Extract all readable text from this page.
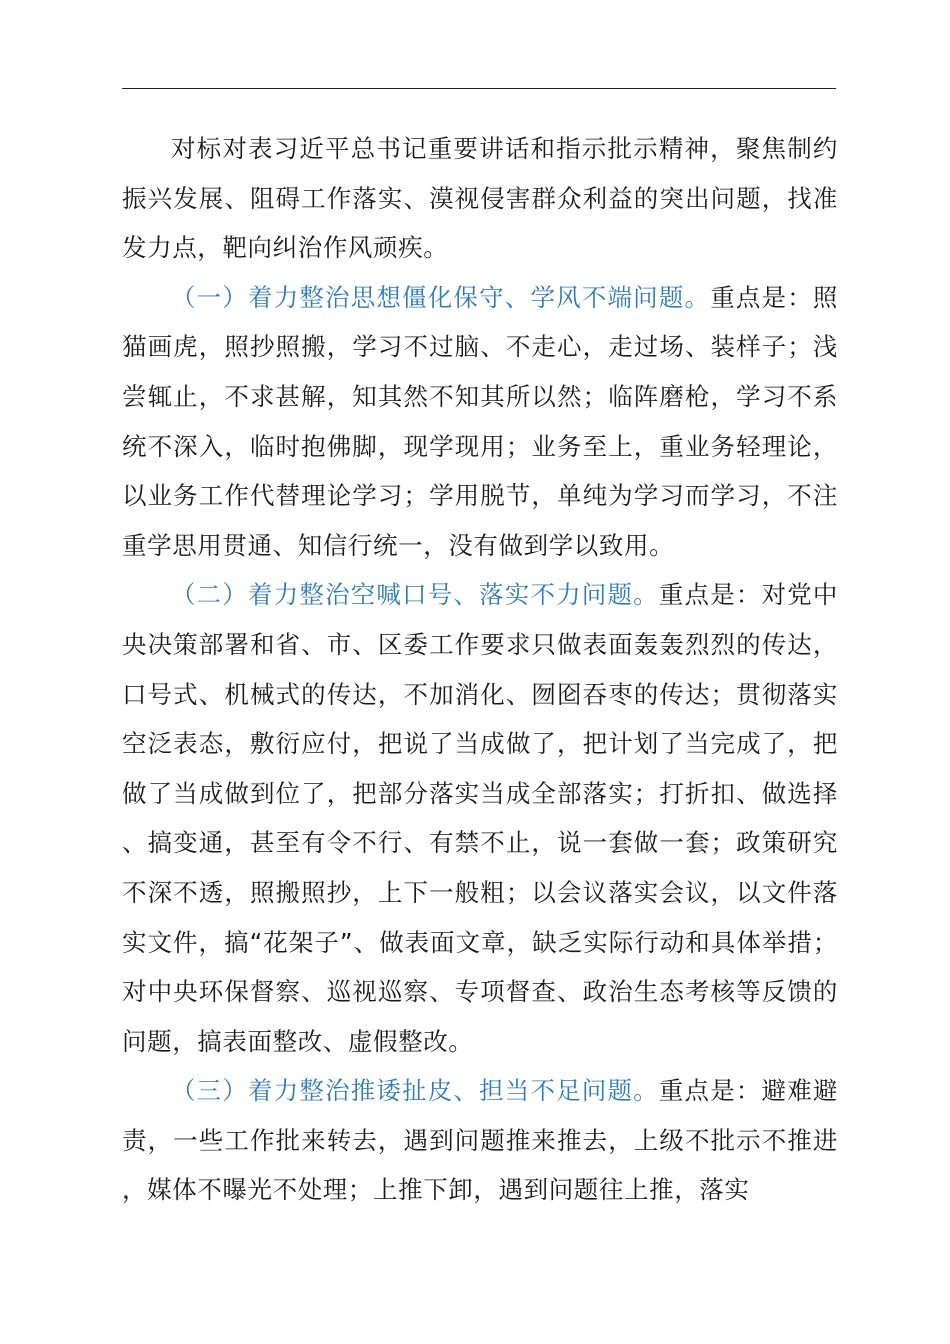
对标对表习近平总书记重要讲话和指示批示精神，聚焦制约振兴发展、阻碍工作落实、漠视侵害群众利益的突出问题，找准发力点，靶向纠治作风顽疾。

（一）着力整治思想僵化保守、学风不端问题。重点是：照猫画虎，照抄照搬，学习不过脑、不走心，走过场、装样子；浅尝辄止，不求甚解，知其然不知其所以然；临阵磨枪，学习不系统不深入，临时抱佛脚，现学现用；业务至上，重业务轻理论，以业务工作代替理论学习；学用脱节，单纯为学习而学习，不注重学思用贯通、知信行统一，没有做到学以致用。

（二）着力整治空喊口号、落实不力问题。重点是：对党中央决策部署和省、市、区委工作要求只做表面轰轰烈烈的传达，口号式、机械式的传达，不加消化、囫囵吞枣的传达；贯彻落实空泛表态，敷衍应付，把说了当成做了，把计划了当完成了，把做了当成做到位了，把部分落实当成全部落实；打折扣、做选择、搞变通，甚至有令不行、有禁不止，说一套做一套；政策研究不深不透，照搬照抄，上下一般粗；以会议落实会议，以文件落实文件，搞“花架子”、做表面文章，缺乏实际行动和具体举措；对中央环保督察、巡视巡察、专项督查、政治生态考核等反馈的问题，搞表面整改、虚假整改。

（三）着力整治推诿扯皮、担当不足问题。重点是：避难避责，一些工作批来转去，遇到问题推来推去，上级不批示不推进，媒体不曝光不处理；上推下卸，遇到问题往上推，落实
